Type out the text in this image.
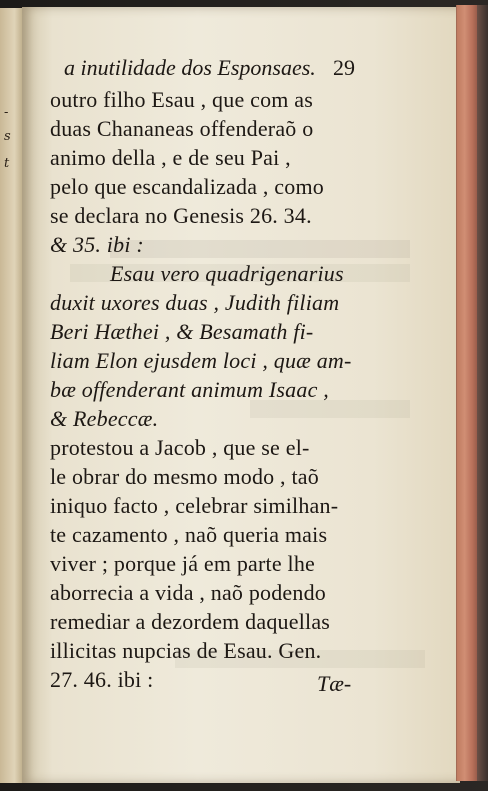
-
s
t
a inutilidade dos Esponsaes. 29
outro filho Esau , que com as
duas Chananeas offenderaõ o
animo della , e de seu Pai ,
pelo que escandalizada , como
se declara no Genesis 26. 34.
& 35. ibi :
Esau vero quadrigenarius
duxit uxores duas , Judith filiam
Beri Hæthei , & Besamath fi-
liam Elon ejusdem loci , quæ am-
bæ offenderant animum Isaac ,
& Rebeccæ.
protestou a Jacob , que se el-
le obrar do mesmo modo , taõ
iniquo facto , celebrar similhan-
te cazamento , naõ queria mais
viver ; porque já em parte lhe
aborrecia a vida , naõ podendo
remediar a dezordem daquellas
illicitas nupcias de Esau. Gen.
27. 46. ibi :	Tæ-
